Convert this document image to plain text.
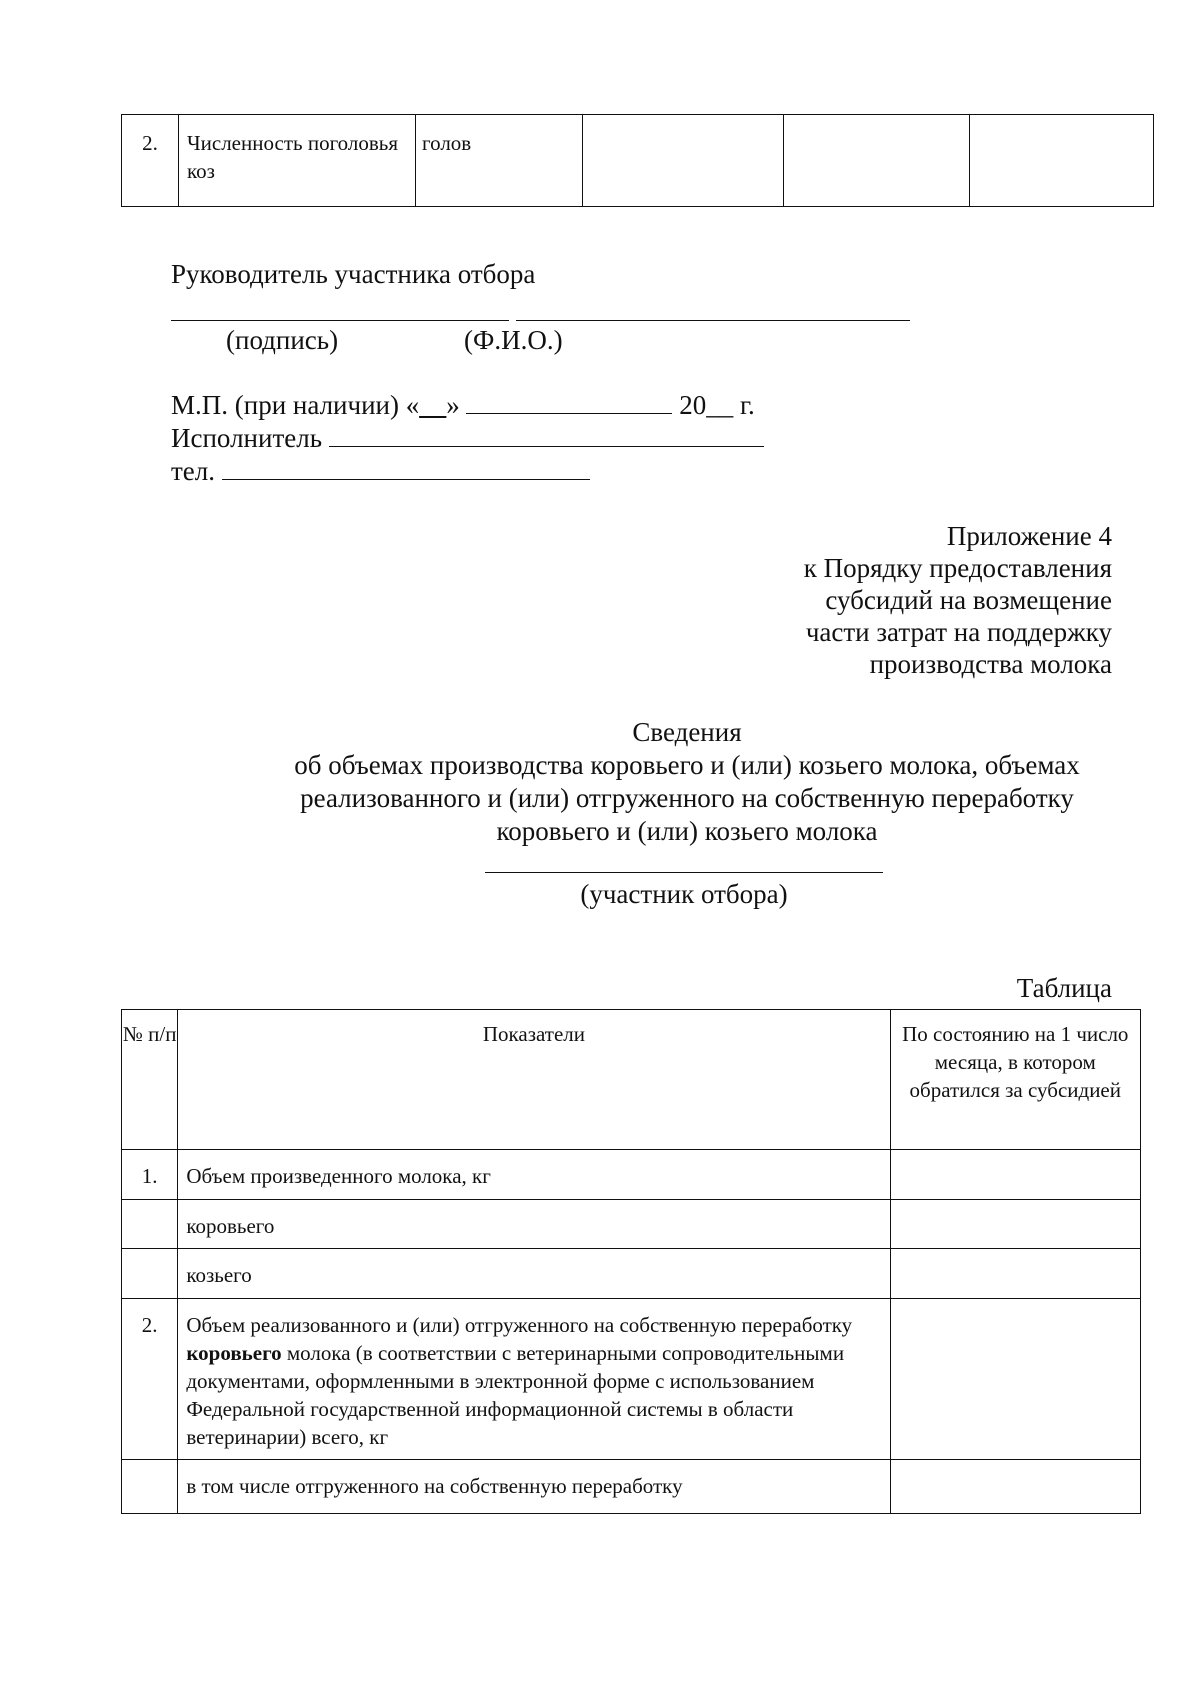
2.	Численность поголовья коз	голов			
Руководитель участника отбора
(подпись)	(Ф.И.О.)
М.П. (при наличии) «__»	20__ г.
Исполнитель
тел.
Приложение 4
к Порядку предоставления
субсидий на возмещение
части затрат на поддержку
производства молока
Сведения
об объемах производства коровьего и (или) козьего молока, объемах
реализованного и (или) отгруженного на собственную переработку
коровьего и (или) козьего молока
(участник отбора)
Таблица
№ п/п	Показатели	По состоянию на 1 число месяца, в котором обратился за субсидией
1.	Объем произведенного молока, кг	
	коровьего	
	козьего	
2.	Объем реализованного и (или) отгруженного на собственную переработку коровьего молока (в соответствии с ветеринарными сопроводительными документами, оформленными в электронной форме с использованием Федеральной государственной информационной системы в области ветеринарии) всего, кг	
	в том числе отгруженного на собственную переработку	
